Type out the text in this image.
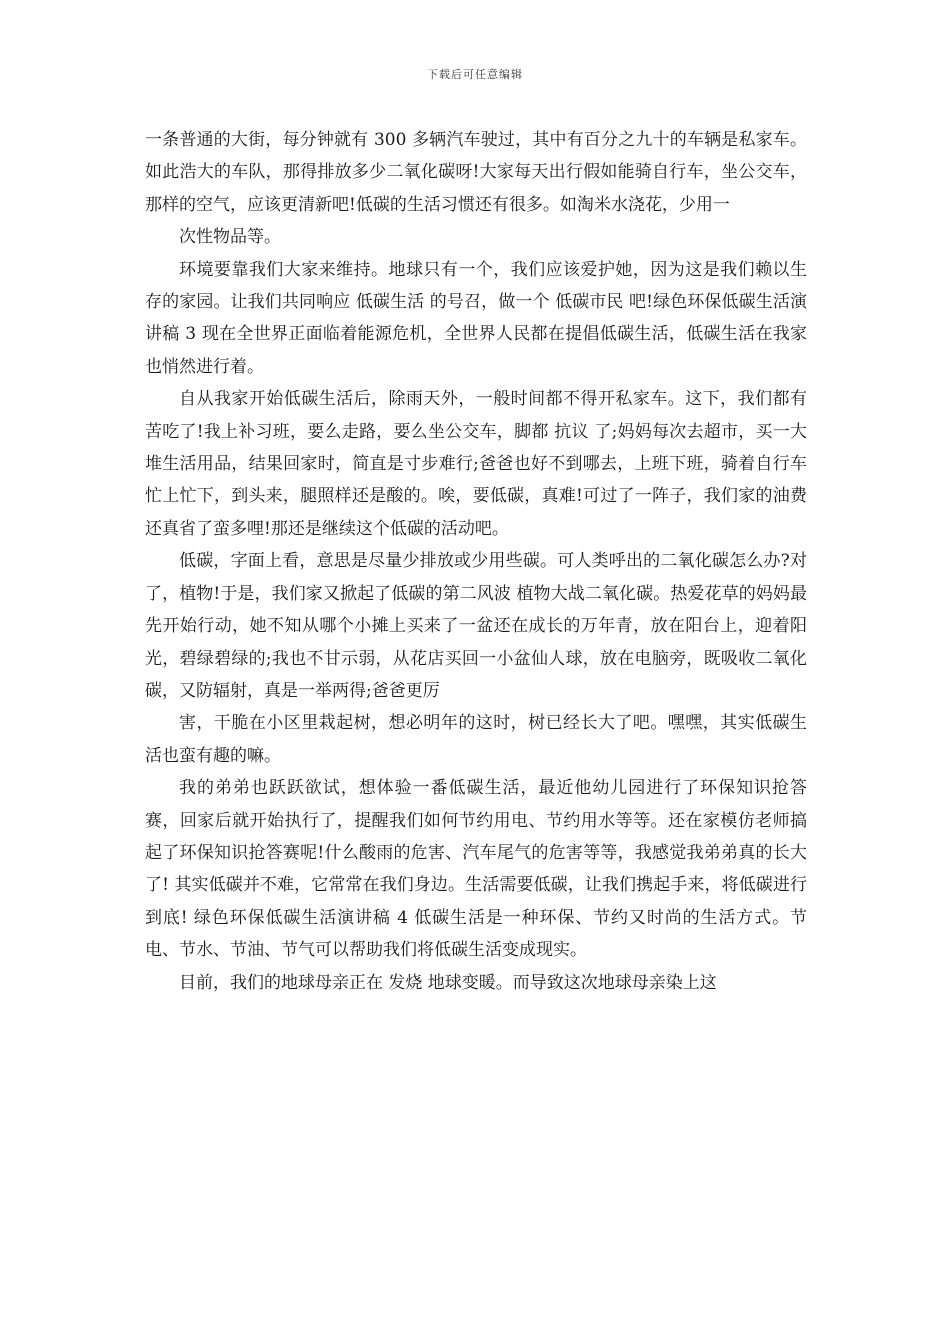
下载后可任意编辑

一条普通的大街，每分钟就有 300 多辆汽车驶过，其中有百分之九十的车辆是私家车。如此浩大的车队，那得排放多少二氧化碳呀!大家每天出行假如能骑自行车，坐公交车，那样的空气，应该更清新吧!低碳的生活习惯还有很多。如淘米水浇花，少用一

次性物品等。

环境要靠我们大家来维持。地球只有一个，我们应该爱护她，因为这是我们赖以生存的家园。让我们共同响应 低碳生活 的号召，做一个 低碳市民 吧!绿色环保低碳生活演讲稿 3 现在全世界正面临着能源危机，全世界人民都在提倡低碳生活，低碳生活在我家也悄然进行着。

自从我家开始低碳生活后，除雨天外，一般时间都不得开私家车。这下，我们都有苦吃了!我上补习班，要么走路，要么坐公交车，脚都 抗议 了;妈妈每次去超市，买一大堆生活用品，结果回家时，简直是寸步难行;爸爸也好不到哪去，上班下班，骑着自行车忙上忙下，到头来，腿照样还是酸的。唉，要低碳，真难!可过了一阵子，我们家的油费还真省了蛮多哩!那还是继续这个低碳的活动吧。

低碳，字面上看，意思是尽量少排放或少用些碳。可人类呼出的二氧化碳怎么办?对了，植物!于是，我们家又掀起了低碳的第二风波 植物大战二氧化碳。热爱花草的妈妈最先开始行动，她不知从哪个小摊上买来了一盆还在成长的万年青，放在阳台上，迎着阳光，碧绿碧绿的;我也不甘示弱，从花店买回一小盆仙人球，放在电脑旁，既吸收二氧化碳，又防辐射，真是一举两得;爸爸更厉

害，干脆在小区里栽起树，想必明年的这时，树已经长大了吧。嘿嘿，其实低碳生活也蛮有趣的嘛。

我的弟弟也跃跃欲试，想体验一番低碳生活，最近他幼儿园进行了环保知识抢答赛，回家后就开始执行了，提醒我们如何节约用电、节约用水等等。还在家模仿老师搞起了环保知识抢答赛呢!什么酸雨的危害、汽车尾气的危害等等，我感觉我弟弟真的长大了! 其实低碳并不难，它常常在我们身边。生活需要低碳，让我们携起手来，将低碳进行到底! 绿色环保低碳生活演讲稿 4 低碳生活是一种环保、节约又时尚的生活方式。节电、节水、节油、节气可以帮助我们将低碳生活变成现实。

目前，我们的地球母亲正在 发烧 地球变暖。而导致这次地球母亲染上这
